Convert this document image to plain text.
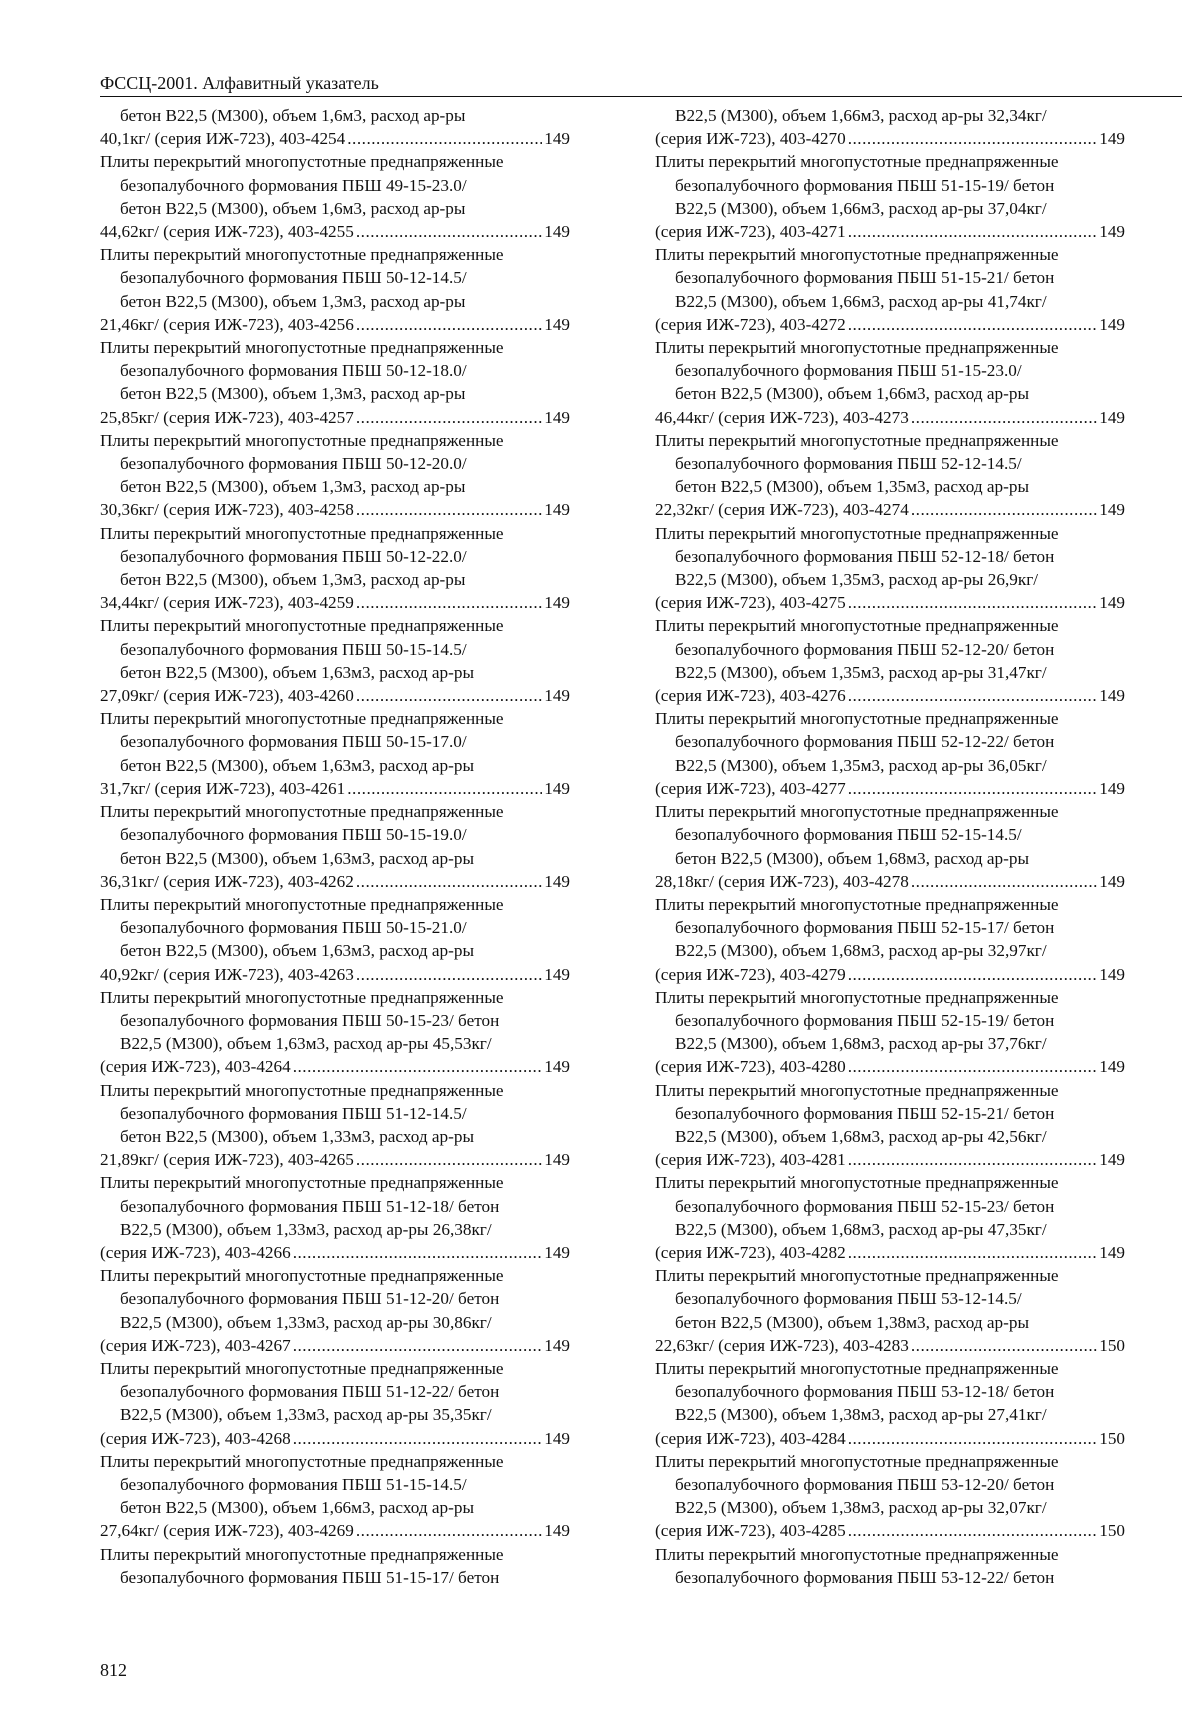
ФССЦ-2001. Алфавитный указатель
бетон В22,5 (М300), объем 1,6м3, расход ар-ры
40,1кг/ (серия ИЖ-723), 403-4254 .....	149
Плиты перекрытий многопустотные преднапряженные
безопалубочного формования ПБШ 49-15-23.0/
бетон В22,5 (М300), объем 1,6м3, расход ар-ры
44,62кг/ (серия ИЖ-723), 403-4255 .....	149
Плиты перекрытий многопустотные преднапряженные
безопалубочного формования ПБШ 50-12-14.5/
бетон В22,5 (М300), объем 1,3м3, расход ар-ры
21,46кг/ (серия ИЖ-723), 403-4256 .....	149
Плиты перекрытий многопустотные преднапряженные
безопалубочного формования ПБШ 50-12-18.0/
бетон В22,5 (М300), объем 1,3м3, расход ар-ры
25,85кг/ (серия ИЖ-723), 403-4257 .....	149
Плиты перекрытий многопустотные преднапряженные
безопалубочного формования ПБШ 50-12-20.0/
бетон В22,5 (М300), объем 1,3м3, расход ар-ры
30,36кг/ (серия ИЖ-723), 403-4258 .....	149
Плиты перекрытий многопустотные преднапряженные
безопалубочного формования ПБШ 50-12-22.0/
бетон В22,5 (М300), объем 1,3м3, расход ар-ры
34,44кг/ (серия ИЖ-723), 403-4259 .....	149
Плиты перекрытий многопустотные преднапряженные
безопалубочного формования ПБШ 50-15-14.5/
бетон В22,5 (М300), объем 1,63м3, расход ар-ры
27,09кг/ (серия ИЖ-723), 403-4260 .....	149
Плиты перекрытий многопустотные преднапряженные
безопалубочного формования ПБШ 50-15-17.0/
бетон В22,5 (М300), объем 1,63м3, расход ар-ры
31,7кг/ (серия ИЖ-723), 403-4261 .....	149
Плиты перекрытий многопустотные преднапряженные
безопалубочного формования ПБШ 50-15-19.0/
бетон В22,5 (М300), объем 1,63м3, расход ар-ры
36,31кг/ (серия ИЖ-723), 403-4262 .....	149
Плиты перекрытий многопустотные преднапряженные
безопалубочного формования ПБШ 50-15-21.0/
бетон В22,5 (М300), объем 1,63м3, расход ар-ры
40,92кг/ (серия ИЖ-723), 403-4263 .....	149
Плиты перекрытий многопустотные преднапряженные
безопалубочного формования ПБШ 50-15-23/ бетон
В22,5 (М300), объем 1,63м3, расход ар-ры 45,53кг/
(серия ИЖ-723), 403-4264 .....	149
Плиты перекрытий многопустотные преднапряженные
безопалубочного формования ПБШ 51-12-14.5/
бетон В22,5 (М300), объем 1,33м3, расход ар-ры
21,89кг/ (серия ИЖ-723), 403-4265 .....	149
Плиты перекрытий многопустотные преднапряженные
безопалубочного формования ПБШ 51-12-18/ бетон
В22,5 (М300), объем 1,33м3, расход ар-ры 26,38кг/
(серия ИЖ-723), 403-4266 .....	149
Плиты перекрытий многопустотные преднапряженные
безопалубочного формования ПБШ 51-12-20/ бетон
В22,5 (М300), объем 1,33м3, расход ар-ры 30,86кг/
(серия ИЖ-723), 403-4267 .....	149
Плиты перекрытий многопустотные преднапряженные
безопалубочного формования ПБШ 51-12-22/ бетон
В22,5 (М300), объем 1,33м3, расход ар-ры 35,35кг/
(серия ИЖ-723), 403-4268 .....	149
Плиты перекрытий многопустотные преднапряженные
безопалубочного формования ПБШ 51-15-14.5/
бетон В22,5 (М300), объем 1,66м3, расход ар-ры
27,64кг/ (серия ИЖ-723), 403-4269 .....	149
Плиты перекрытий многопустотные преднапряженные
безопалубочного формования ПБШ 51-15-17/ бетон
В22,5 (М300), объем 1,66м3, расход ар-ры 32,34кг/
(серия ИЖ-723), 403-4270 .....	149
Плиты перекрытий многопустотные преднапряженные
безопалубочного формования ПБШ 51-15-19/ бетон
В22,5 (М300), объем 1,66м3, расход ар-ры 37,04кг/
(серия ИЖ-723), 403-4271 .....	149
Плиты перекрытий многопустотные преднапряженные
безопалубочного формования ПБШ 51-15-21/ бетон
В22,5 (М300), объем 1,66м3, расход ар-ры 41,74кг/
(серия ИЖ-723), 403-4272 .....	149
Плиты перекрытий многопустотные преднапряженные
безопалубочного формования ПБШ 51-15-23.0/
бетон В22,5 (М300), объем 1,66м3, расход ар-ры
46,44кг/ (серия ИЖ-723), 403-4273 .....	149
Плиты перекрытий многопустотные преднапряженные
безопалубочного формования ПБШ 52-12-14.5/
бетон В22,5 (М300), объем 1,35м3, расход ар-ры
22,32кг/ (серия ИЖ-723), 403-4274 .....	149
Плиты перекрытий многопустотные преднапряженные
безопалубочного формования ПБШ 52-12-18/ бетон
В22,5 (М300), объем 1,35м3, расход ар-ры 26,9кг/
(серия ИЖ-723), 403-4275 .....	149
Плиты перекрытий многопустотные преднапряженные
безопалубочного формования ПБШ 52-12-20/ бетон
В22,5 (М300), объем 1,35м3, расход ар-ры 31,47кг/
(серия ИЖ-723), 403-4276 .....	149
Плиты перекрытий многопустотные преднапряженные
безопалубочного формования ПБШ 52-12-22/ бетон
В22,5 (М300), объем 1,35м3, расход ар-ры 36,05кг/
(серия ИЖ-723), 403-4277 .....	149
Плиты перекрытий многопустотные преднапряженные
безопалубочного формования ПБШ 52-15-14.5/
бетон В22,5 (М300), объем 1,68м3, расход ар-ры
28,18кг/ (серия ИЖ-723), 403-4278 .....	149
Плиты перекрытий многопустотные преднапряженные
безопалубочного формования ПБШ 52-15-17/ бетон
В22,5 (М300), объем 1,68м3, расход ар-ры 32,97кг/
(серия ИЖ-723), 403-4279 .....	149
Плиты перекрытий многопустотные преднапряженные
безопалубочного формования ПБШ 52-15-19/ бетон
В22,5 (М300), объем 1,68м3, расход ар-ры 37,76кг/
(серия ИЖ-723), 403-4280 .....	149
Плиты перекрытий многопустотные преднапряженные
безопалубочного формования ПБШ 52-15-21/ бетон
В22,5 (М300), объем 1,68м3, расход ар-ры 42,56кг/
(серия ИЖ-723), 403-4281 .....	149
Плиты перекрытий многопустотные преднапряженные
безопалубочного формования ПБШ 52-15-23/ бетон
В22,5 (М300), объем 1,68м3, расход ар-ры 47,35кг/
(серия ИЖ-723), 403-4282 .....	149
Плиты перекрытий многопустотные преднапряженные
безопалубочного формования ПБШ 53-12-14.5/
бетон В22,5 (М300), объем 1,38м3, расход ар-ры
22,63кг/ (серия ИЖ-723), 403-4283 .....	150
Плиты перекрытий многопустотные преднапряженные
безопалубочного формования ПБШ 53-12-18/ бетон
В22,5 (М300), объем 1,38м3, расход ар-ры 27,41кг/
(серия ИЖ-723), 403-4284 .....	150
Плиты перекрытий многопустотные преднапряженные
безопалубочного формования ПБШ 53-12-20/ бетон
В22,5 (М300), объем 1,38м3, расход ар-ры 32,07кг/
(серия ИЖ-723), 403-4285 .....	150
Плиты перекрытий многопустотные преднапряженные
безопалубочного формования ПБШ 53-12-22/ бетон
812
